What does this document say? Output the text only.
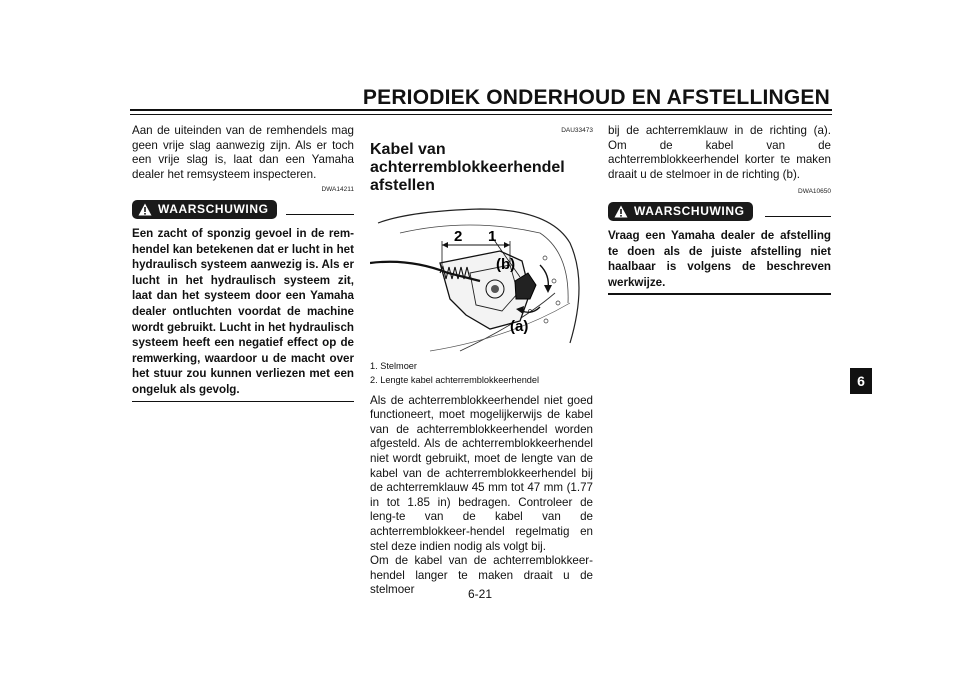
PERIODIEK ONDERHOUD EN AFSTELLINGEN

Aan de uiteinden van de remhendels mag geen vrije slag aanwezig zijn. Als er toch een vrije slag is, laat dan een Yamaha dealer het remsysteem inspecteren.

DWA14211

WAARSCHUWING

Een zacht of sponzig gevoel in de rem-hendel kan betekenen dat er lucht in het hydraulisch systeem aanwezig is. Als er lucht in het hydraulisch systeem zit, laat dan het systeem door een Yamaha dealer ontluchten voordat de machine wordt gebruikt. Lucht in het hydraulisch systeem heeft een negatief effect op de remwerking, waardoor u de macht over het stuur zou kunnen verliezen met een ongeluk als gevolg.

DAU33473

Kabel van
achterremblokkeerhendel
afstellen
2 1
(b)
(a)

1. Stelmoer

2. Lengte kabel achterremblokkeerhendel

Als de achterremblokkeerhendel niet goed functioneert, moet mogelijkerwijs de kabel van de achterremblokkeerhendel worden afgesteld. Als de achterremblokkeerhendel niet wordt gebruikt, moet de lengte van de kabel van de achterremblokkeerhendel bij de achterremklauw 45 mm tot 47 mm (1.77 in tot 1.85 in) bedragen. Controleer de leng-te van de kabel van de achterremblokkeer-hendel regelmatig en stel deze indien nodig als volgt bij.

Om de kabel van de achterremblokkeer-hendel langer te maken draait u de stelmoer

bij de achterremklauw in de richting (a). Om de kabel van de achterremblokkeerhendel korter te maken draait u de stelmoer in de richting (b).

DWA10650

WAARSCHUWING

Vraag een Yamaha dealer de afstelling te doen als de juiste afstelling niet haalbaar is volgens de beschreven werkwijze.

6
6-21
